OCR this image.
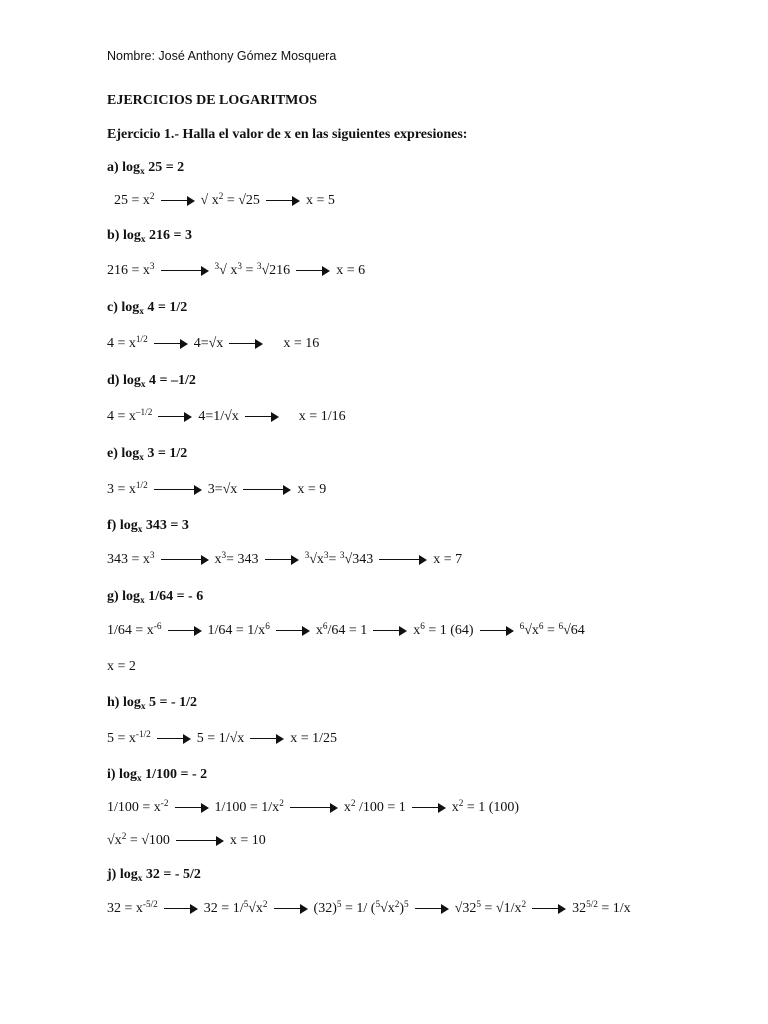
Nombre: José Anthony Gómez Mosquera
EJERCICIOS DE LOGARITMOS
Ejercicio 1.- Halla el valor de x en las siguientes expresiones:
a) $\log_x 25 = 2$
$25 = x^2$	√ $x^2 = √25$	x = 5
b) $\log_x 216 = 3$
$216 = x^3$	$^3$√ $x^3 = ^3√216$	x = 6
c) $\log_x 4 = 1/2$
$4 = x^{1/2}$	4=√x	x = 16
d) $\log_x 4 = -1/2$
$4 = x^{-1/2}$	4=1/√x	x = 1/16
e) $\log_x 3 = 1/2$
$3 = x^{1/2}$	3=√x	x = 9
f) $\log_x 343 = 3$
$343 = x^3$	$x^3= 343$	$^3√x^3= ^3√343$	x = 7
g) $\log_x 1/64$ = - 6
$1/64 = x^{-6}$	$1/64 = 1/x^6$	$x^6/64 = 1$	$x^6 = 1$ (64)	$^6√x^6 = ^6√64$
x = 2
h) $\log_x 5$ = - 1/2
$5 = x^{-1/2}$	5 = 1/√x	x = 1/25
i) $\log_x 1/100$ = - 2
$1/100 = x^{-2}$	$1/100 = 1/x^2$	$x^2$ /100 = 1	$x^2 = 1$ (100)
$√x^2 = √100$	x = 10
j) $\log_x 32$ = - 5/2
$32 = x^{-5/2}$	$32 = 1/^5√x^2$	$(32)^5 = 1/$ $(^5√x^2)^5$	$√32^5 = √1/x^2$	$32^{5/2} = 1/x$
